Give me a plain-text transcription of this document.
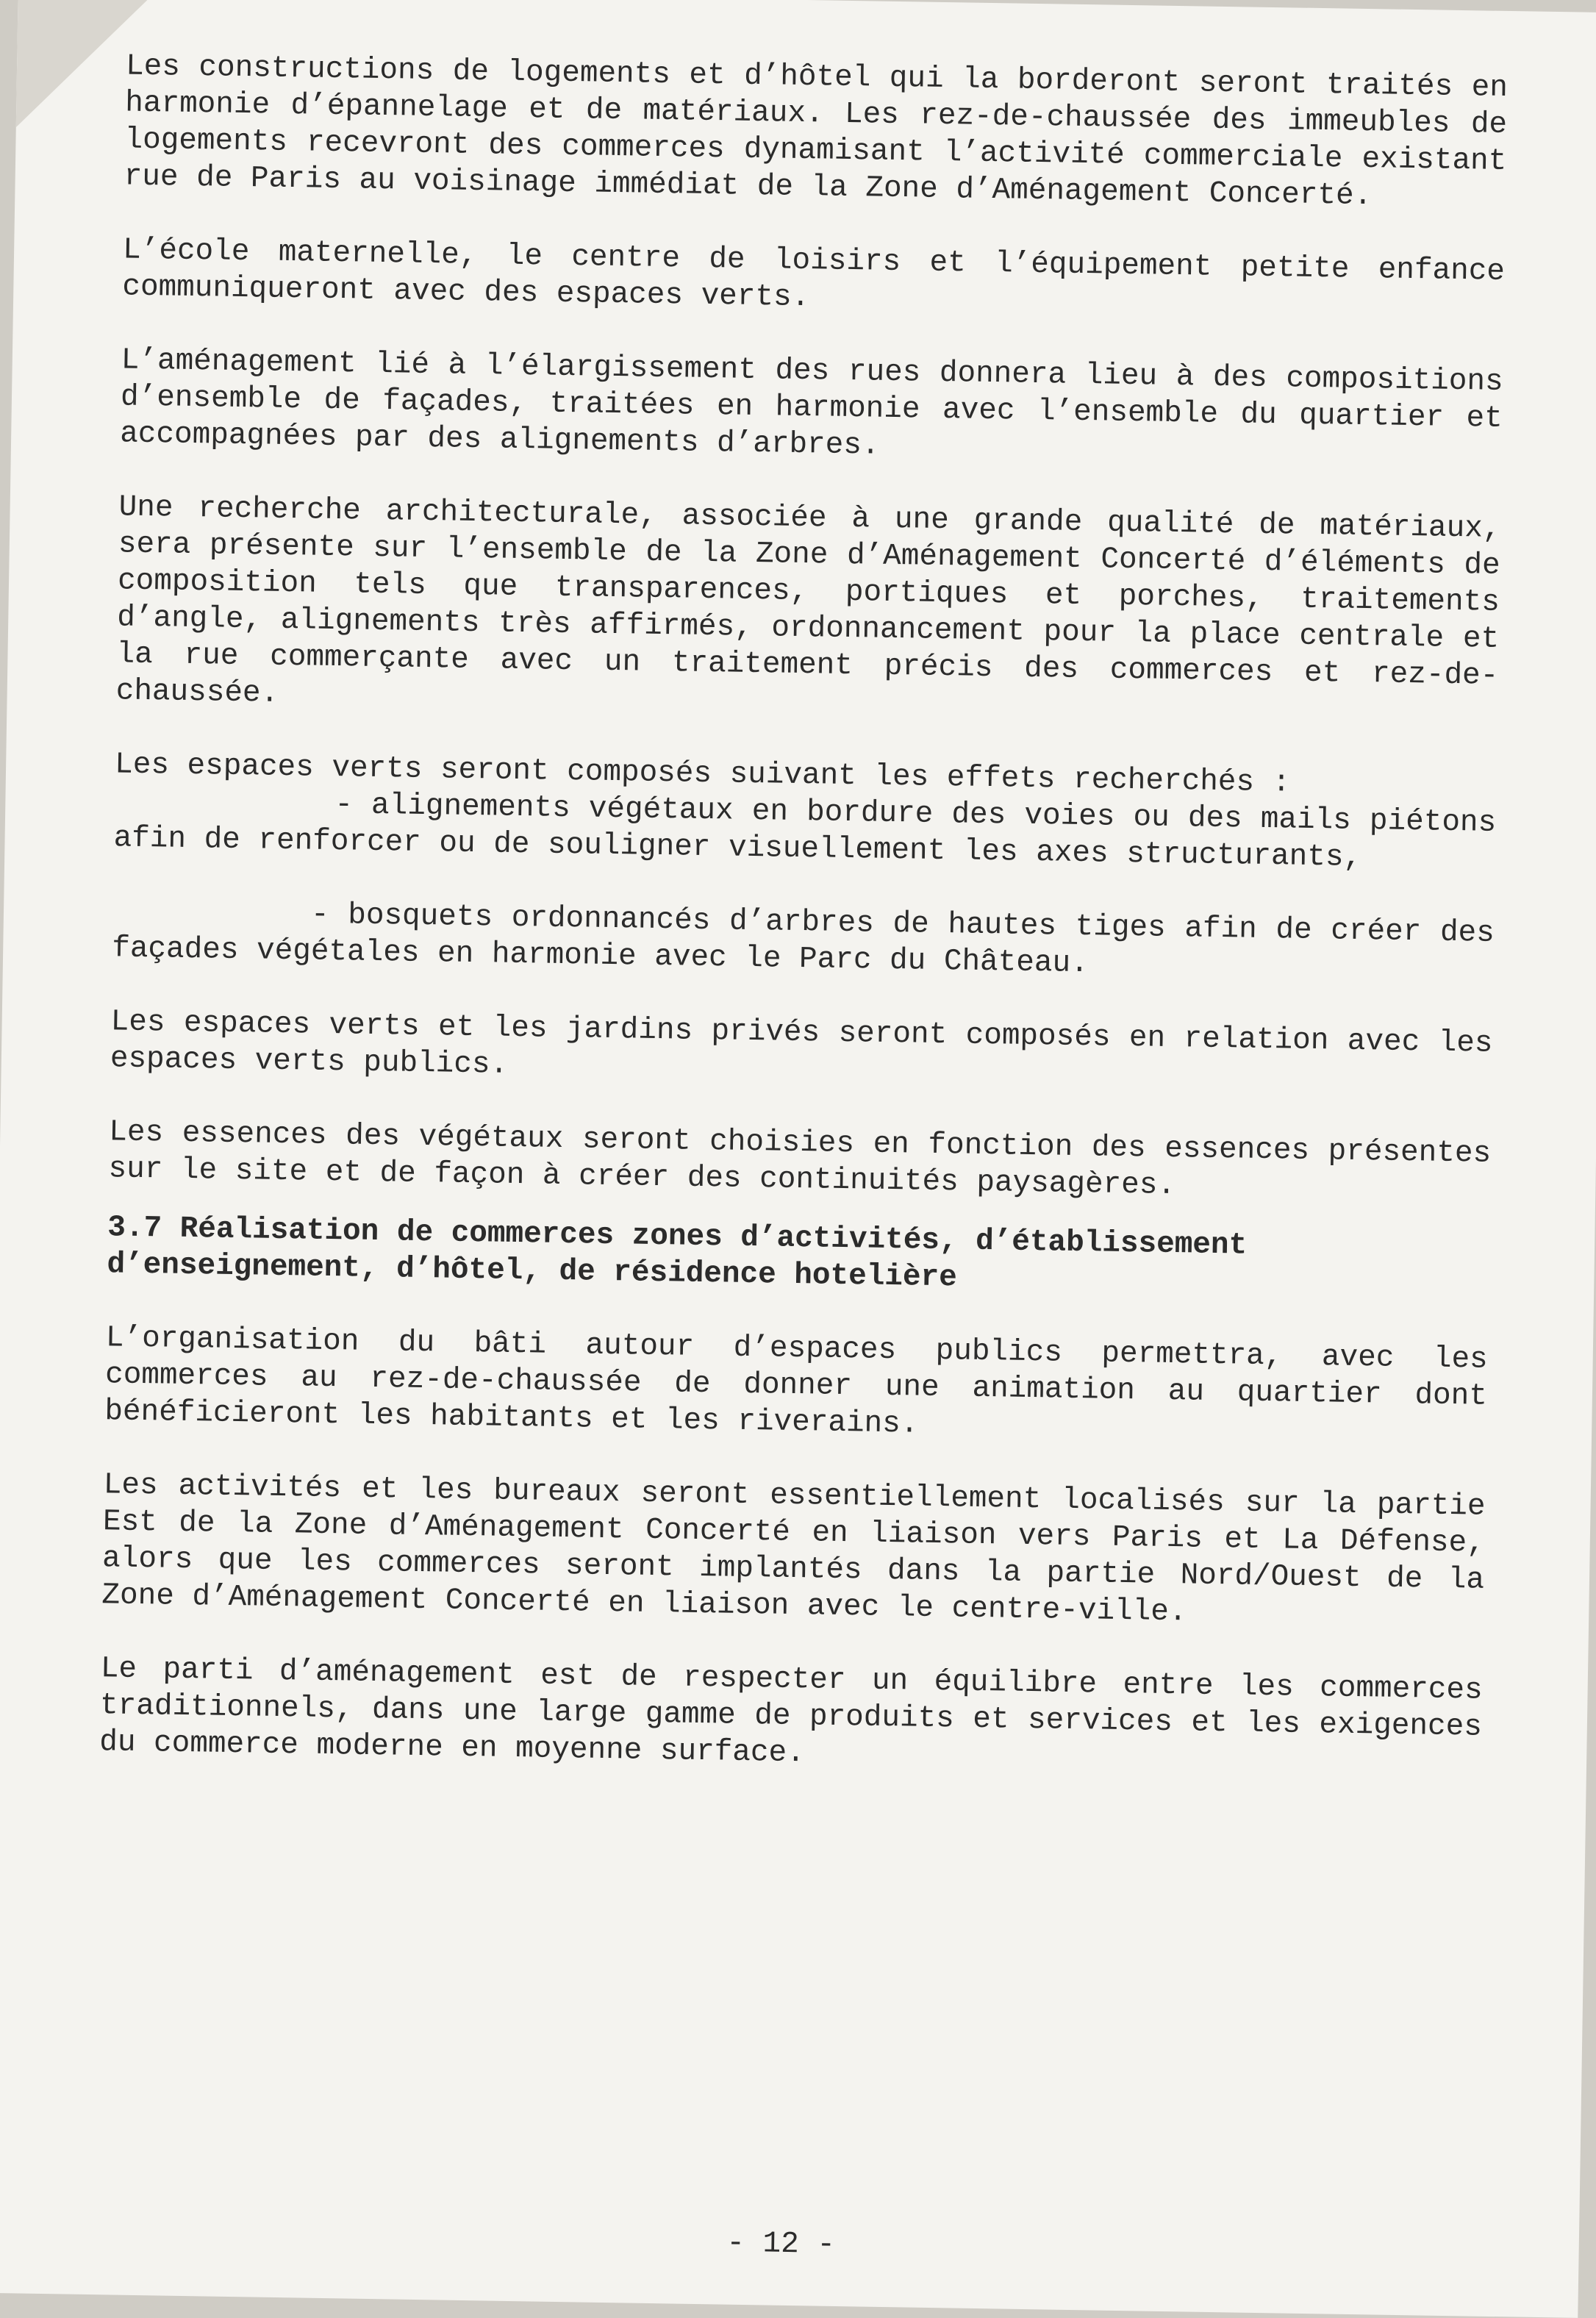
Les constructions de logements et d’hôtel qui la borderont seront traités en harmonie d’épannelage et de matériaux. Les rez-de-chaussée des immeubles de logements recevront des commerces dynamisant l’activité commerciale existant rue de Paris au voisinage immédiat de la Zone d’Aménagement Concerté.

L’école maternelle, le centre de loisirs et l’équipement petite enfance communiqueront avec des espaces verts.

L’aménagement lié à l’élargissement des rues donnera lieu à des compositions d’ensemble de façades, traitées en harmonie avec l’ensemble du quartier et accompagnées par des alignements d’arbres.

Une recherche architecturale, associée à une grande qualité de matériaux, sera présente sur l’ensemble de la Zone d’Aménagement Concerté d’éléments de composition tels que transparences, portiques et porches, traitements d’angle, alignements très affirmés, ordonnancement pour la place centrale et la rue commerçante avec un traitement précis des commerces et rez-de-chaussée.

Les espaces verts seront composés suivant les effets recherchés :

- alignements végétaux en bordure des voies ou des mails piétons afin de renforcer ou de souligner visuellement les axes structurants,

- bosquets ordonnancés d’arbres de hautes tiges afin de créer des façades végétales en harmonie avec le Parc du Château.

Les espaces verts et les jardins privés seront composés en relation avec les espaces verts publics.

Les essences des végétaux seront choisies en fonction des essences présentes sur le site et de façon à créer des continuités paysagères.

3.7 Réalisation de commerces zones d’activités, d’établissement d’enseignement, d’hôtel, de résidence hotelière

L’organisation du bâti autour d’espaces publics permettra, avec les commerces au rez-de-chaussée de donner une animation au quartier dont bénéficieront les habitants et les riverains.

Les activités et les bureaux seront essentiellement localisés sur la partie Est de la Zone d’Aménagement Concerté en liaison vers Paris et La Défense, alors que les commerces seront implantés dans la partie Nord/Ouest de la Zone d’Aménagement Concerté en liaison avec le centre-ville.

Le parti d’aménagement est de respecter un équilibre entre les commerces traditionnels, dans une large gamme de produits et services et les exigences du commerce moderne en moyenne surface.

- 12 -
